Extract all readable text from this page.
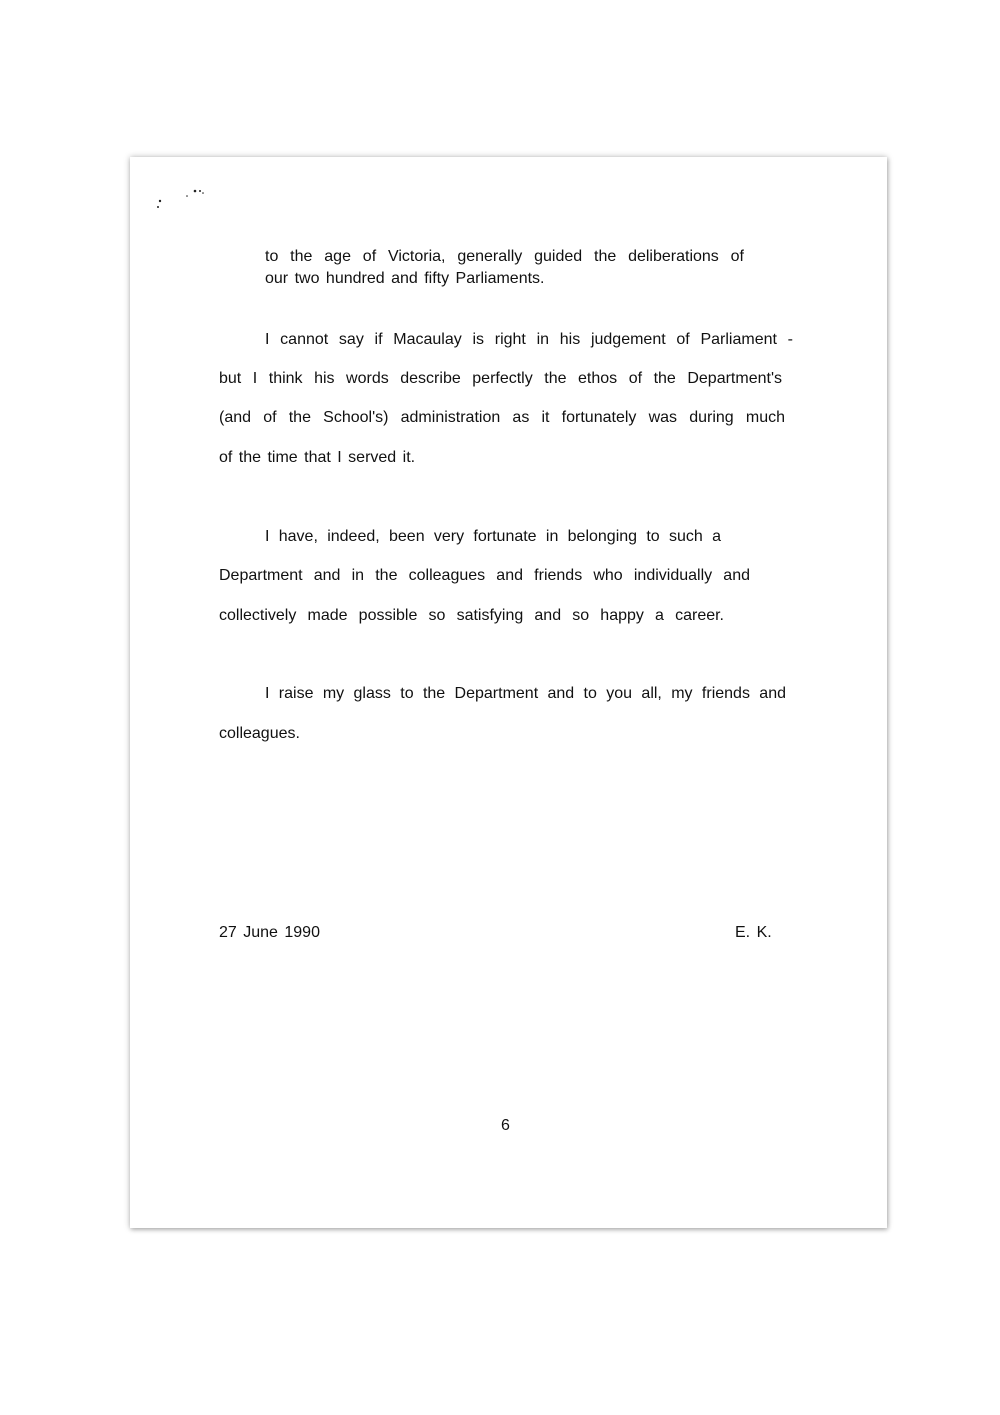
to the age of Victoria, generally guided the deliberations of
our two hundred and fifty Parliaments.
I cannot say if Macaulay is right in his judgement of Parliament -
but I think his words describe perfectly the ethos of the Department's
(and of the School's) administration as it fortunately was during much
of the time that I served it.
I have, indeed, been very fortunate in belonging to such a
Department and in the colleagues and friends who individually and
collectively made possible so satisfying and so happy a career.
I raise my glass to the Department and to you all, my friends and
colleagues.
27 June 1990	E. K.
6
